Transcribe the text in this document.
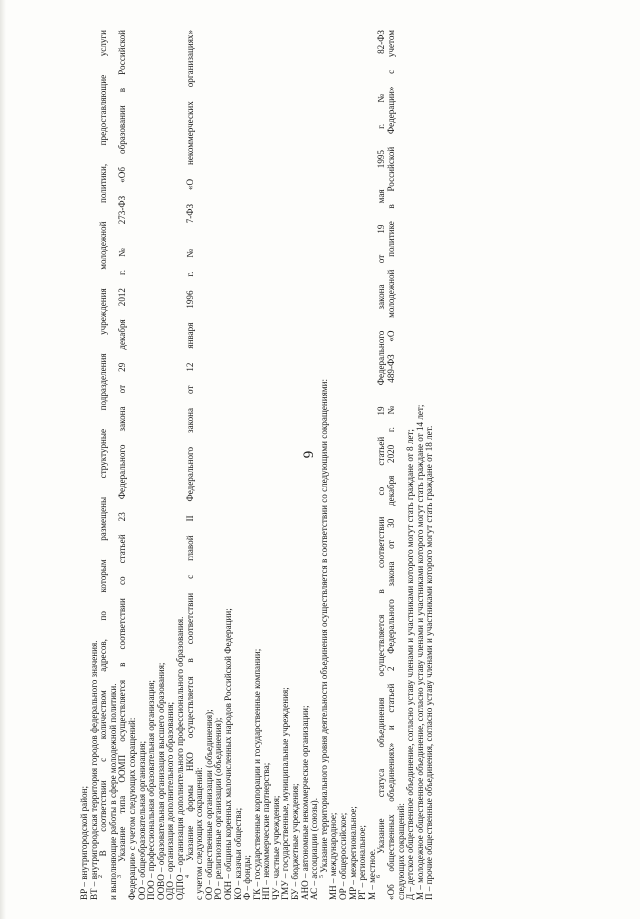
6
ВР – внутригородской район; ВТ – внутригородская территория городов федерального значения. $^2$ В соответствии с количеством адресов, по которым размещены структурные подразделения учреждения молодежной политики, предоставляющие услуги и выполняющие работы в сфере молодежной политики. $^3$ Указание типа ООМП осуществляется в соответствии со статьей 23 Федерального закона от 29 декабря 2012 г. № 273-ФЗ «Об образовании в Российской Федерации» с учетом следующих сокращений: ОО – общеобразовательная организация; ПОО – профессиональная образовательная организация; ООВО – образовательная организация высшего образования; ОДО – организация дополнительного образования; ОДПО – организация дополнительного профессионального образования. $^4$ Указание формы НКО осуществляется в соответствии с главой II Федерального закона от 12 января 1996 г. № 7-ФЗ «О некоммерческих организациях» с учетом следующих сокращений: ОО – общественные организации (объединения); РО – религиозные организации (объединения); ОКН – общины коренных малочисленных народов Российской Федерации; КО – казачьи общества; Ф – фонды; ГК – государственные корпорации и государственные компании; НП – некоммерческие партнерства; ЧУ – частные учреждения; ГМУ – государственные, муниципальные учреждения; БУ – бюджетные учреждения; АНО – автономные некоммерческие организации; АС – ассоциации (союзы). $^5$ Указание территориального уровня деятельности объединения осуществляется в соответствии со следующими сокращениями: МН – международное; ОР – общероссийское; МР – межрегиональное; РГ – региональное; М – местное. $^6$ Указание статуса объединения осуществляется в соответствии со статьей 19 Федерального закона от 19 мая 1995 г. № 82-ФЗ «Об общественных объединениях» и статьей 2 Федерального закона от 30 декабря 2020 г. № 489-ФЗ «О молодежной политике в Российской Федерации» с учетом следующих сокращений: Д – детское общественное объединение, согласно уставу членами и участниками которого могут стать граждане от 8 лет; М – молодежное общественное объединение, согласно уставу членами и участниками которого могут стать граждане от 14 лет; П – прочие общественные объединения, согласно уставу членами и участниками которого могут стать граждане от 18 лет.
